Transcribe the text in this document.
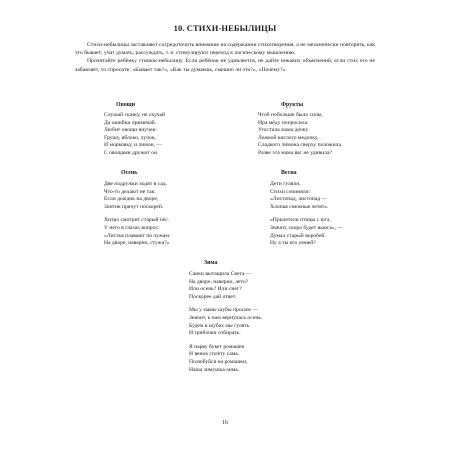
10. СТИХИ-НЕБЫЛИЦЫ

Стихи-небылицы заставляют сосредоточить внимание на содержании стихотворения, а не механически повторять, как это бывает; учат думать, рассуждать, т. е. стимулируют переход к логическому мышлению.

Прочитайте ребёнку стишок-небылицу. Если ребёнок не удивляется, не дайте никаких объяснений, если стих его не забавляет, то спросите: «Бывает так?», «Как ты думаешь, смешно ли это?», «Почему?».

Овощи
Слушай сказку, не скучай
Да ошибки примечай.
Любит овощи внучок:
Грушу, яблоко, лучок,
И морковку, и лимон, —
С овощами дружит он.
Фрукты
Чтоб побольше было силы,
Ира мёду попросила.
Угостила мама дочку
Ложкой кислого медочку,
Сладкого лимона сверху положила.
Разве эта мама вас не удивила?
Осень
Две подружки ходят в сад.
Что-то делают не так:
Если дождик на дворе,
Зонтик прячут поскорей.
Хитро смотрит старый пёс.
У него в глазах вопрос:
«Листья плавают по лужам.
На дворе, наверно, стужа?»
Весна
Дети гуляли,
Стихи сочиняли:
«Листопад, листопад —
Хлопья снежные летят».
«Прилетели птицы с юга,
Значит, скоро будет вьюга», —
Думал старый воробей.
Ну а ты его умней?
Зима
Санки вытащила Света —
На дворе, наверно, лето?
Или осень? Или снег?
Поскорее дай ответ.
Мы у мамы шубы просим —
Значит, к нам вернулась осень.
Будем в шубах мы гулять
И грибочки собирать.
Я нарву букет ромашек
И венок сплету сама.
Полюбуйся на ромашки,
Наша зимушка-зима.
16
